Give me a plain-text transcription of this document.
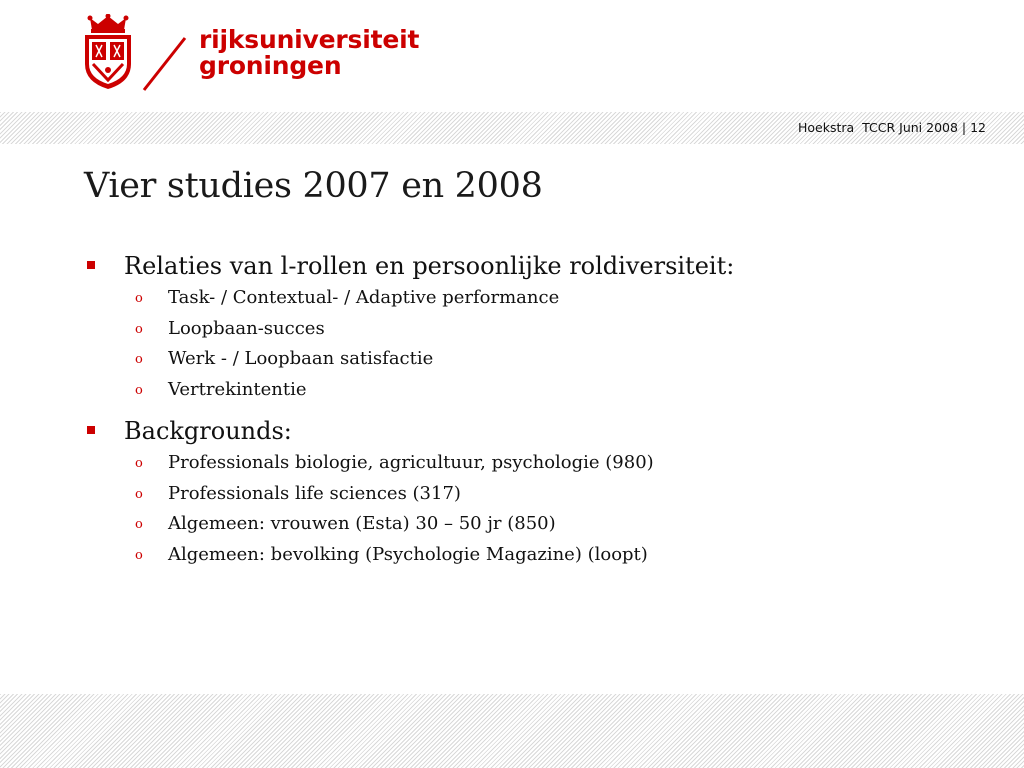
rijksuniversiteit
groningen
Hoekstra  TCCR Juni 2008 | 12
Vier studies 2007 en 2008
Relaties van l-rollen en persoonlijke roldiversiteit:
o Task- / Contextual- / Adaptive performance
o Loopbaan-succes
o Werk - / Loopbaan satisfactie
o Vertrekintentie
Backgrounds:
o Professionals biologie, agricultuur, psychologie (980)
o Professionals life sciences (317)
o Algemeen: vrouwen (Esta) 30 – 50 jr (850)
o Algemeen: bevolking (Psychologie Magazine) (loopt)
